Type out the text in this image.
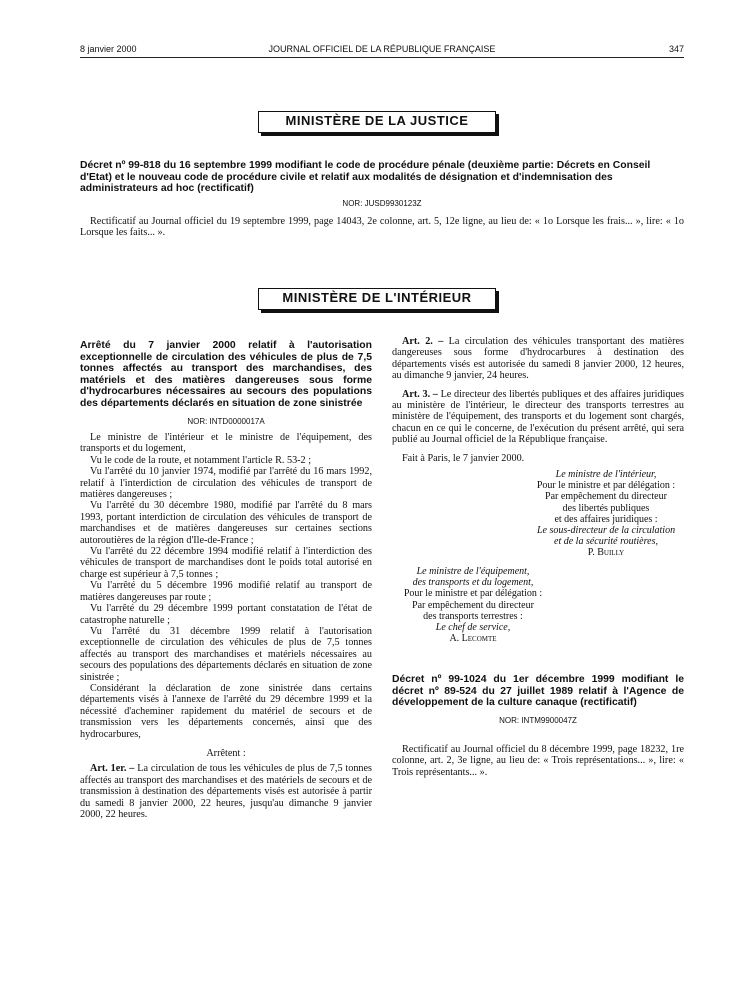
8 janvier 2000	JOURNAL OFFICIEL DE LA RÉPUBLIQUE FRANÇAISE	347
MINISTÈRE DE LA JUSTICE
Décret nº 99-818 du 16 septembre 1999 modifiant le code de procédure pénale (deuxième partie: Décrets en Conseil d'Etat) et le nouveau code de procédure civile et relatif aux modalités de désignation et d'indemnisation des administrateurs ad hoc (rectificatif)
NOR: JUSD9930123Z

Rectificatif au Journal officiel du 19 septembre 1999, page 14043, 2e colonne, art. 5, 12e ligne, au lieu de: « 1o Lorsque les frais... », lire: « 1o Lorsque les faits... ».

MINISTÈRE DE L'INTÉRIEUR
Arrêté du 7 janvier 2000 relatif à l'autorisation exceptionnelle de circulation des véhicules de plus de 7,5 tonnes affectés au transport des marchandises, des matériels et des matières dangereuses sous forme d'hydrocarbures nécessaires au secours des populations des départements déclarés en situation de zone sinistrée
NOR: INTD0000017A

Le ministre de l'intérieur et le ministre de l'équipement, des transports et du logement,

Vu le code de la route, et notamment l'article R. 53-2 ;

Vu l'arrêté du 10 janvier 1974, modifié par l'arrêté du 16 mars 1992, relatif à l'interdiction de circulation des véhicules de transport de matières dangereuses ;

Vu l'arrêté du 30 décembre 1980, modifié par l'arrêté du 8 mars 1993, portant interdiction de circulation des véhicules de transport de marchandises et de matières dangereuses sur certaines sections autoroutières de la région d'Ile-de-France ;

Vu l'arrêté du 22 décembre 1994 modifié relatif à l'interdiction des véhicules de transport de marchandises dont le poids total autorisé en charge est supérieur à 7,5 tonnes ;

Vu l'arrêté du 5 décembre 1996 modifié relatif au transport de matières dangereuses par route ;

Vu l'arrêté du 29 décembre 1999 portant constatation de l'état de catastrophe naturelle ;

Vu l'arrêté du 31 décembre 1999 relatif à l'autorisation exceptionnelle de circulation des véhicules de plus de 7,5 tonnes affectés au transport des marchandises et matériels nécessaires au secours des populations des départements déclarés en situation de zone sinistrée ;

Considérant la déclaration de zone sinistrée dans certains départements visés à l'annexe de l'arrêté du 29 décembre 1999 et la nécessité d'acheminer rapidement du matériel de secours et de transmission vers les départements concernés, ainsi que des hydrocarbures,

Arrêtent :

Art. 1er. – La circulation de tous les véhicules de plus de 7,5 tonnes affectés au transport des marchandises et des matériels de secours et de transmission à destination des départements visés est autorisée à partir du samedi 8 janvier 2000, 22 heures, jusqu'au dimanche 9 janvier 2000, 22 heures.

Art. 2. – La circulation des véhicules transportant des matières dangereuses sous forme d'hydrocarbures à destination des départements visés est autorisée du samedi 8 janvier 2000, 12 heures, au dimanche 9 janvier, 24 heures.

Art. 3. – Le directeur des libertés publiques et des affaires juridiques au ministère de l'intérieur, le directeur des transports terrestres au ministère de l'équipement, des transports et du logement sont chargés, chacun en ce qui le concerne, de l'exécution du présent arrêté, qui sera publié au Journal officiel de la République française.

Fait à Paris, le 7 janvier 2000.

Le ministre de l'intérieur,
Pour le ministre et par délégation :
Par empêchement du directeur
des libertés publiques
et des affaires juridiques :
Le sous-directeur de la circulation
et de la sécurité routières,
P. Builly
Le ministre de l'équipement,
des transports et du logement,
Pour le ministre et par délégation :
Par empêchement du directeur
des transports terrestres :
Le chef de service,
A. Lecomte
Décret nº 99-1024 du 1er décembre 1999 modifiant le décret nº 89-524 du 27 juillet 1989 relatif à l'Agence de développement de la culture canaque (rectificatif)
NOR: INTM9900047Z

Rectificatif au Journal officiel du 8 décembre 1999, page 18232, 1re colonne, art. 2, 3e ligne, au lieu de: « Trois représentations... », lire: « Trois représentants... ».
